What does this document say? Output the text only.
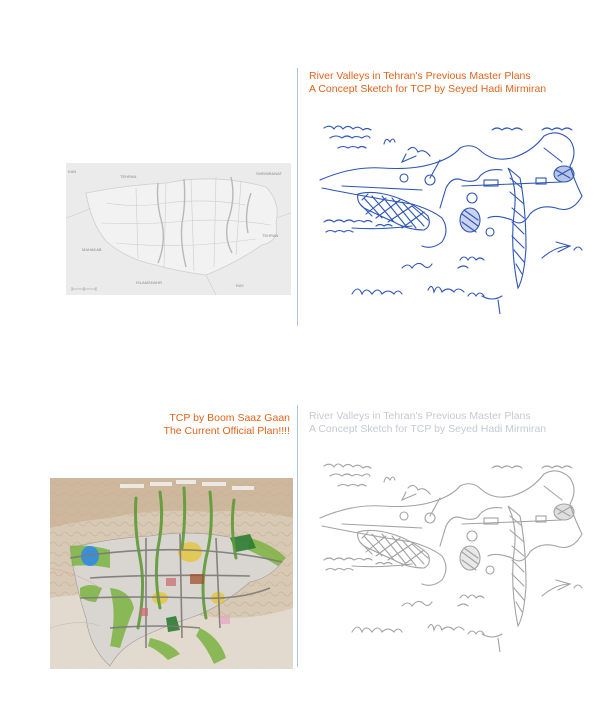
River Valleys in Tehran's Previous Master Plans
A Concept Sketch for TCP by Seyed Hadi Mirmiran
KAN
TEHRAN
SHEMIRANAT
TEHRAN
MAHAKAB
ISLAMSHAHR
RAY
TCP by Boom Saaz Gaan
The Current Official Plan!!!!
River Valleys in Tehran's Previous Master Plans
A Concept Sketch for TCP by Seyed Hadi Mirmiran
